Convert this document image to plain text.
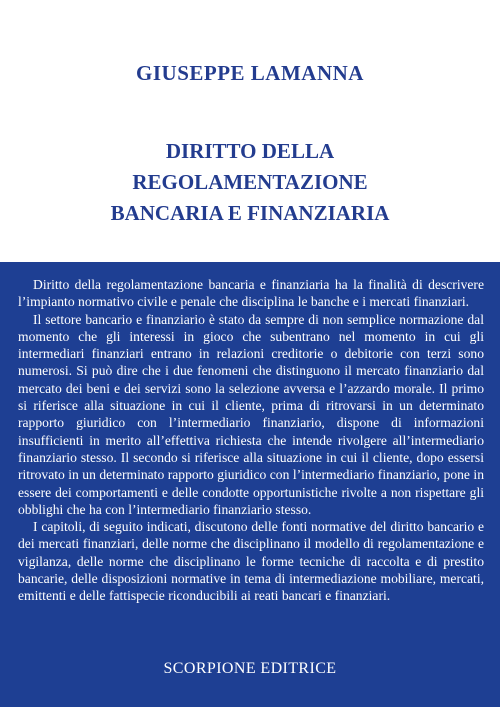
GIUSEPPE LAMANNA
DIRITTO DELLA
REGOLAMENTAZIONE
BANCARIA E FINANZIARIA

Diritto della regolamentazione bancaria e finanziaria ha la finalità di descrivere l’impianto normativo civile e penale che disciplina le banche e i mercati finanziari.

Il settore bancario e finanziario è stato da sempre di non semplice normazione dal momento che gli interessi in gioco che subentrano nel momento in cui gli intermediari finanziari entrano in relazioni creditorie o debitorie con terzi sono numerosi. Si può dire che i due fenomeni che distinguono il mercato finanziario dal mercato dei beni e dei servizi sono la selezione avversa e l’azzardo morale. Il primo si riferisce alla situazione in cui il cliente, prima di ritrovarsi in un determinato rapporto giuridico con l’intermediario finanziario, dispone di informazioni insufficienti in merito all’effettiva richiesta che intende rivolgere all’intermediario finanziario stesso. Il secondo si riferisce alla situazione in cui il cliente, dopo essersi ritrovato in un determinato rapporto giuridico con l’intermediario finanziario, pone in essere dei comportamenti e delle condotte opportunistiche rivolte a non rispettare gli obblighi che ha con l’intermediario finanziario stesso.

I capitoli, di seguito indicati, discutono delle fonti normative del diritto bancario e dei mercati finanziari, delle norme che disciplinano il modello di regolamentazione e vigilanza, delle norme che disciplinano le forme tecniche di raccolta e di prestito bancarie, delle disposizioni normative in tema di intermediazione mobiliare, mercati, emittenti e delle fattispecie riconducibili ai reati bancari e finanziari.

SCORPIONE EDITRICE
